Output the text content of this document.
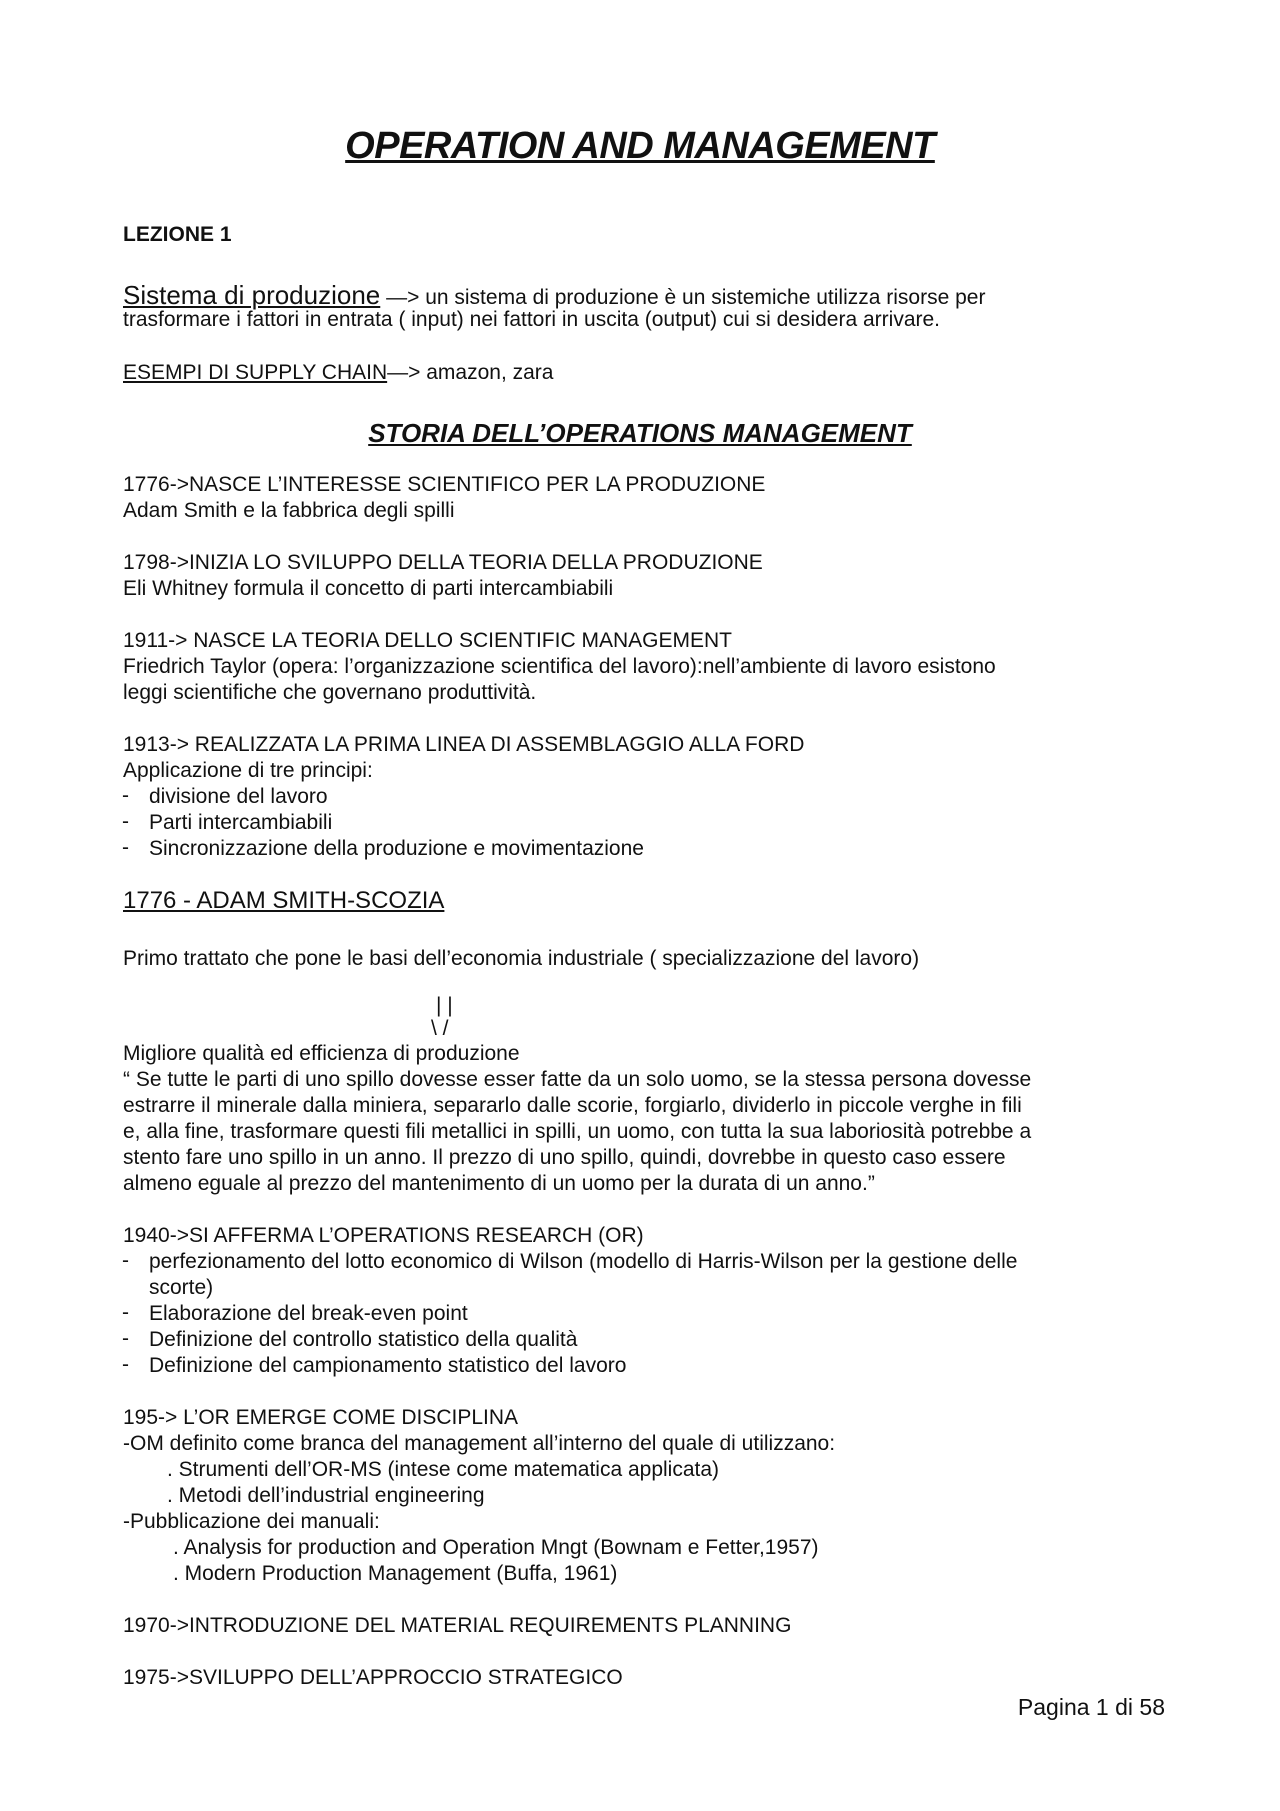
OPERATION AND MANAGEMENT
LEZIONE 1
Sistema di produzione —> un sistema di produzione è un sistemiche utilizza risorse per
trasformare i fattori in entrata ( input) nei fattori in uscita (output) cui si desidera arrivare.
ESEMPI DI SUPPLY CHAIN—> amazon, zara
STORIA DELL’OPERATIONS MANAGEMENT
1776->NASCE L’INTERESSE SCIENTIFICO PER LA PRODUZIONE
Adam Smith e la fabbrica degli spilli
1798->INIZIA LO SVILUPPO DELLA TEORIA DELLA PRODUZIONE
Eli Whitney formula il concetto di parti intercambiabili
1911-> NASCE LA TEORIA DELLO SCIENTIFIC MANAGEMENT
Friedrich Taylor (opera: l’organizzazione scientifica del lavoro):nell’ambiente di lavoro esistono
leggi scientifiche che governano produttività.
1913-> REALIZZATA LA PRIMA LINEA DI ASSEMBLAGGIO ALLA FORD
Applicazione di tre principi:
- divisione del lavoro
- Parti intercambiabili
- Sincronizzazione della produzione e movimentazione
1776 - ADAM SMITH-SCOZIA
Primo trattato che pone le basi dell’economia industriale ( specializzazione del lavoro)
| |
\ /
Migliore qualità ed efficienza di produzione
“ Se tutte le parti di uno spillo dovesse esser fatte da un solo uomo, se la stessa persona dovesse
estrarre il minerale dalla miniera, separarlo dalle scorie, forgiarlo, dividerlo in piccole verghe in fili
e, alla fine, trasformare questi fili metallici in spilli, un uomo, con tutta la sua laboriosità potrebbe a
stento fare uno spillo in un anno. Il prezzo di uno spillo, quindi, dovrebbe in questo caso essere
almeno eguale al prezzo del mantenimento di un uomo per la durata di un anno.”
1940->SI AFFERMA L’OPERATIONS RESEARCH (OR)
- perfezionamento del lotto economico di Wilson (modello di Harris-Wilson per la gestione delle
scorte)
- Elaborazione del break-even point
- Definizione del controllo statistico della qualità
- Definizione del campionamento statistico del lavoro
195-> L’OR EMERGE COME DISCIPLINA
-OM definito come branca del management all’interno del quale di utilizzano:
. Strumenti dell’OR-MS (intese come matematica applicata)
. Metodi dell’industrial engineering
-Pubblicazione dei manuali:
. Analysis for production and Operation Mngt (Bownam e Fetter,1957)
. Modern Production Management (Buffa, 1961)
1970->INTRODUZIONE DEL MATERIAL REQUIREMENTS PLANNING
1975->SVILUPPO DELL’APPROCCIO STRATEGICO
Pagina 1 di 58
